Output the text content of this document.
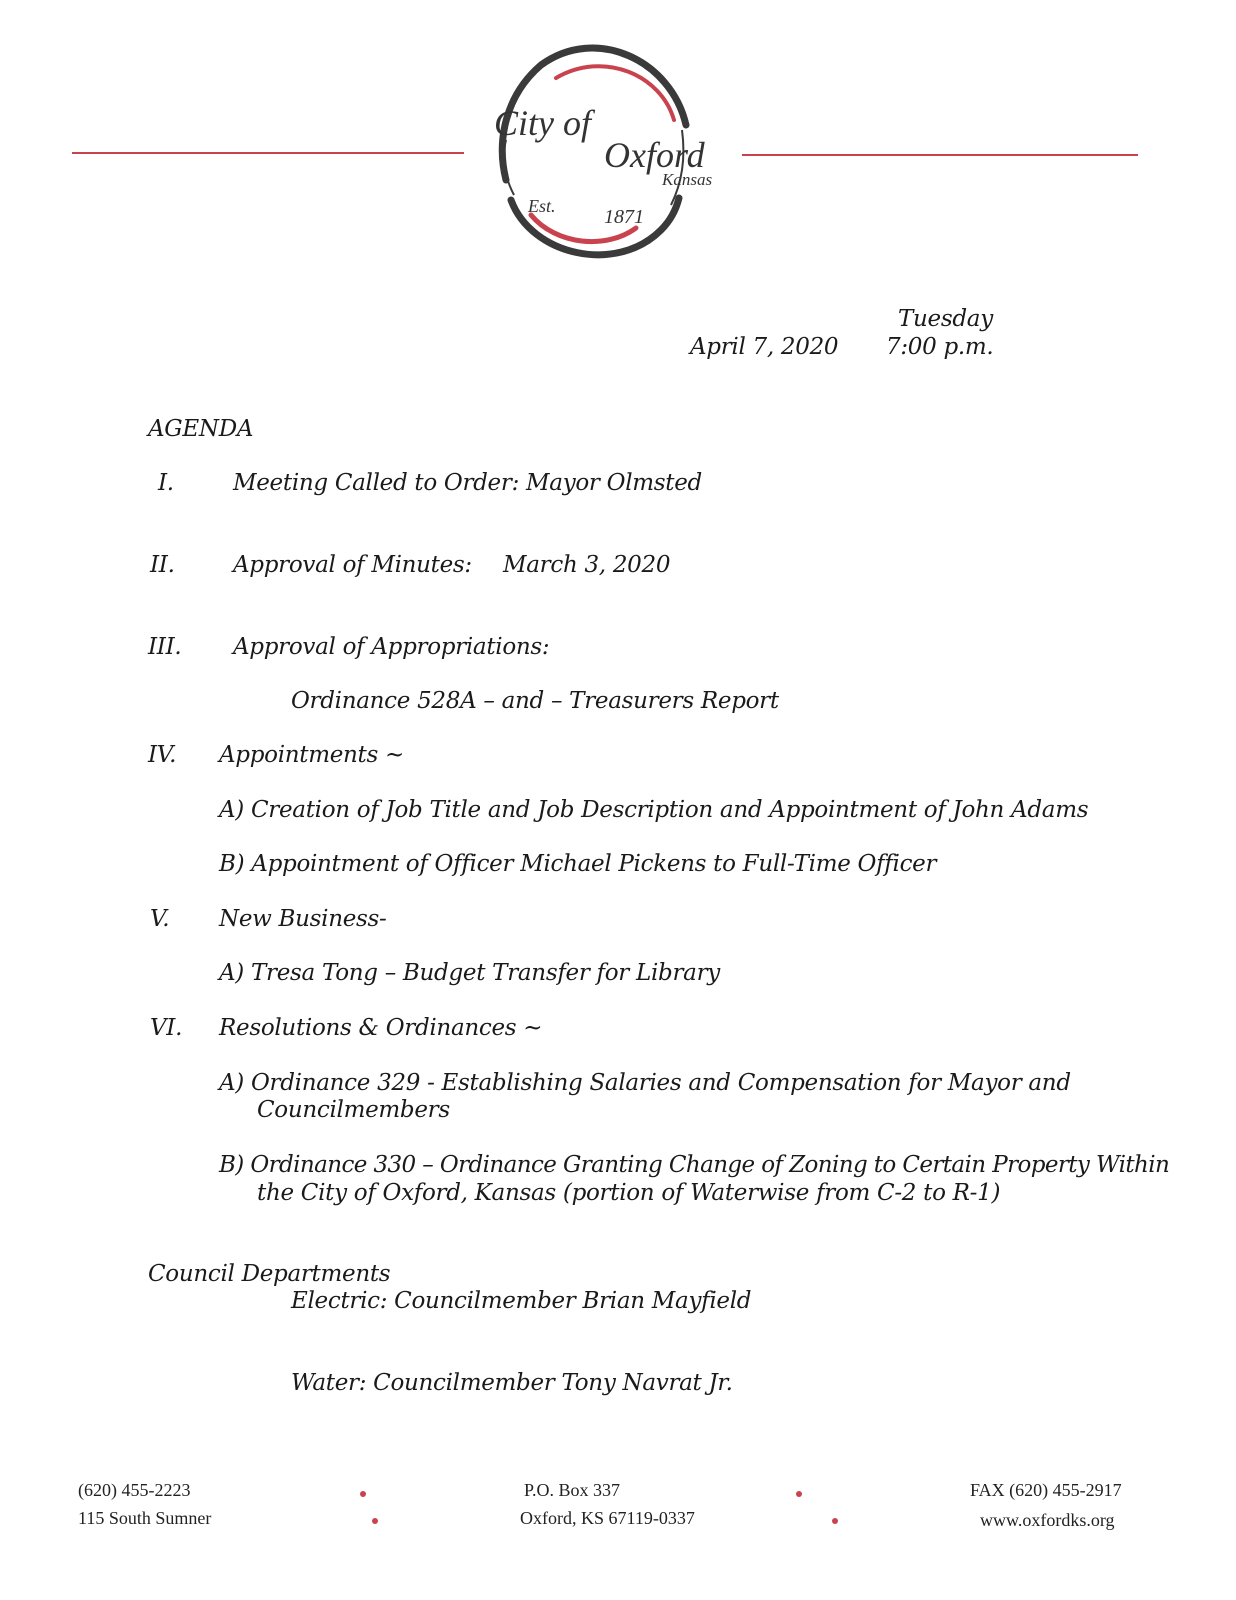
City of
Oxford
Kansas
Est. 1871
Tuesday
April 7, 2020 7:00 p.m.
AGENDA
I.	Meeting Called to Order: Mayor Olmsted
II.	Approval of Minutes: March 3, 2020
III. Approval of Appropriations:
Ordinance 528A – and – Treasurers Report
IV. Appointments ~
A) Creation of Job Title and Job Description and Appointment of John Adams
B) Appointment of Officer Michael Pickens to Full-Time Officer
V. New Business-
A) Tresa Tong – Budget Transfer for Library
VI. Resolutions & Ordinances ~
A) Ordinance 329 - Establishing Salaries and Compensation for Mayor and
Councilmembers
B) Ordinance 330 – Ordinance Granting Change of Zoning to Certain Property Within
the City of Oxford, Kansas (portion of Waterwise from C-2 to R-1)
Council Departments
Electric: Councilmember Brian Mayfield
Water: Councilmember Tony Navrat Jr.
(620) 455-2223
115 South Sumner
P.O. Box 337
Oxford, KS 67119-0337
FAX (620) 455-2917
www.oxfordks.org
